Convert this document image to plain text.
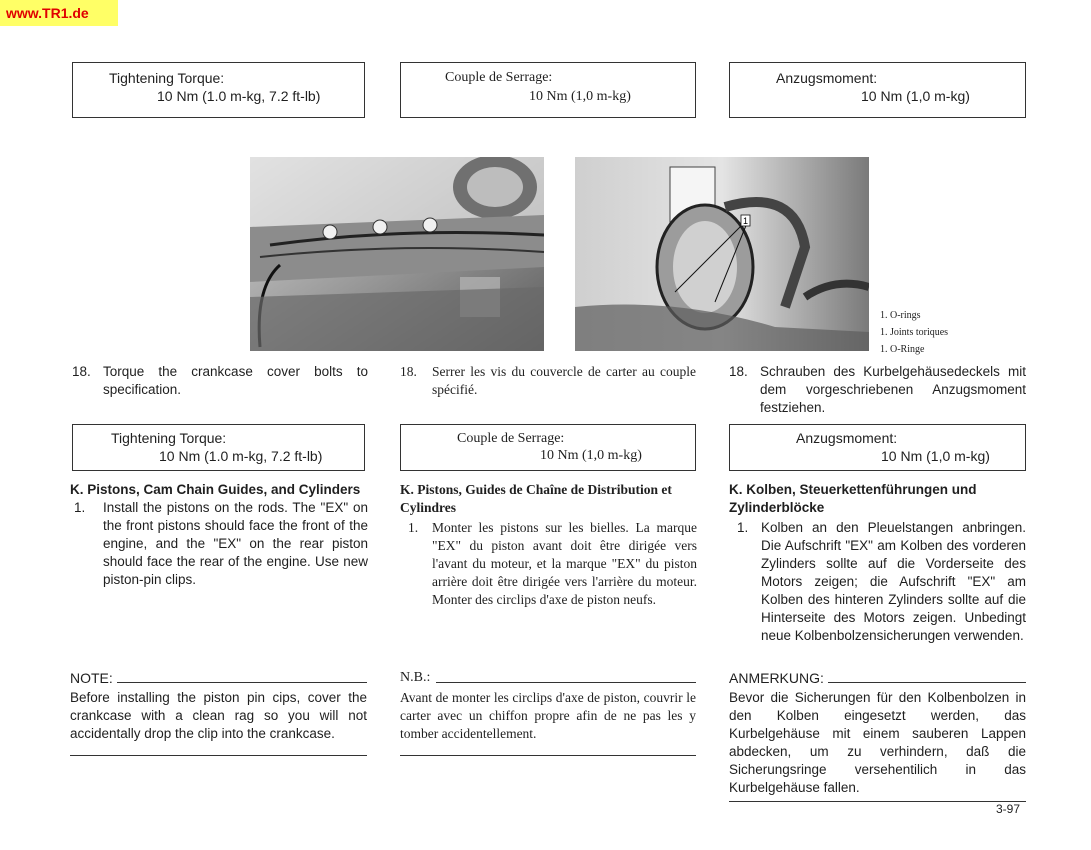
www.TR1.de
Tightening Torque:
10 Nm (1.0 m-kg, 7.2 ft-lb)
Couple de Serrage:
10 Nm (1,0 m-kg)
Anzugsmoment:
10 Nm (1,0 m-kg)
1
1. O-rings
1. Joints toriques
1. O-Ringe
18. Torque the crankcase cover bolts to specification.
18. Serrer les vis du couvercle de carter au couple spécifié.
18. Schrauben des Kurbelgehäusedeckels mit dem vorgeschriebenen Anzugsmoment festziehen.
Tightening Torque:
10 Nm (1.0 m-kg, 7.2 ft-lb)
Couple de Serrage:
10 Nm (1,0 m-kg)
Anzugsmoment:
10 Nm (1,0 m-kg)
K. Pistons, Cam Chain Guides, and Cylinders
1. Install the pistons on the rods. The "EX" on the front pistons should face the front of the engine, and the "EX" on the rear piston should face the rear of the engine. Use new piston-pin clips.
K. Pistons, Guides de Chaîne de Distribution et Cylindres
1. Monter les pistons sur les bielles. La marque "EX" du piston avant doit être dirigée vers l'avant du moteur, et la marque "EX" du piston arrière doit être dirigée vers l'arrière du moteur. Monter des circlips d'axe de piston neufs.
K. Kolben, Steuerkettenführungen und Zylinderblöcke
1. Kolben an den Pleuelstangen anbringen. Die Aufschrift "EX" am Kolben des vorderen Zylinders sollte auf die Vorderseite des Motors zeigen; die Aufschrift "EX" am Kolben des hinteren Zylinders sollte auf die Hinterseite des Motors zeigen. Unbedingt neue Kolbenbolzensicherungen verwenden.
NOTE:
Before installing the piston pin cips, cover the crankcase with a clean rag so you will not accidentally drop the clip into the crankcase.
N.B.:
Avant de monter les circlips d'axe de piston, couvrir le carter avec un chiffon propre afin de ne pas les y tomber accidentellement.
ANMERKUNG:
Bevor die Sicherungen für den Kolbenbolzen in den Kolben eingesetzt werden, das Kurbelgehäuse mit einem sauberen Lappen abdecken, um zu verhindern, daß die Sicherungsringe versehentilich in das Kurbelgehäuse fallen.
3-97
